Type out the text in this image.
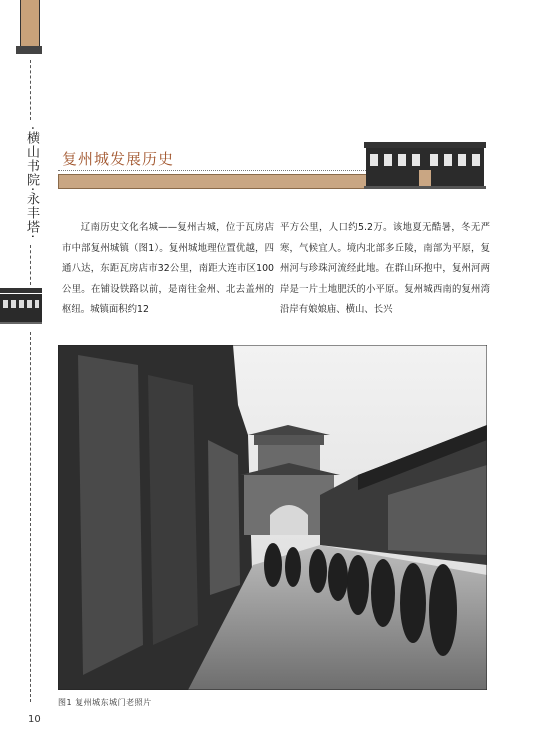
·横山书院·永丰塔·
10
复州城发展历史

辽南历史文化名城——复州古城，位于瓦房店市中部复州城镇（图1）。复州城地理位置优越，四通八达，东距瓦房店市32公里，南距大连市区100公里。在铺设铁路以前，是南往金州、北去盖州的枢纽。城镇面积约12

平方公里，人口约5.2万。该地夏无酷暑，冬无严寒，气候宜人。境内北部多丘陵，南部为平原，复州河与珍珠河流经此地。在群山环抱中，复州河两岸是一片土地肥沃的小平原。复州城西南的复州湾沿岸有娘娘庙、横山、长兴

图1 复州城东城门老照片
